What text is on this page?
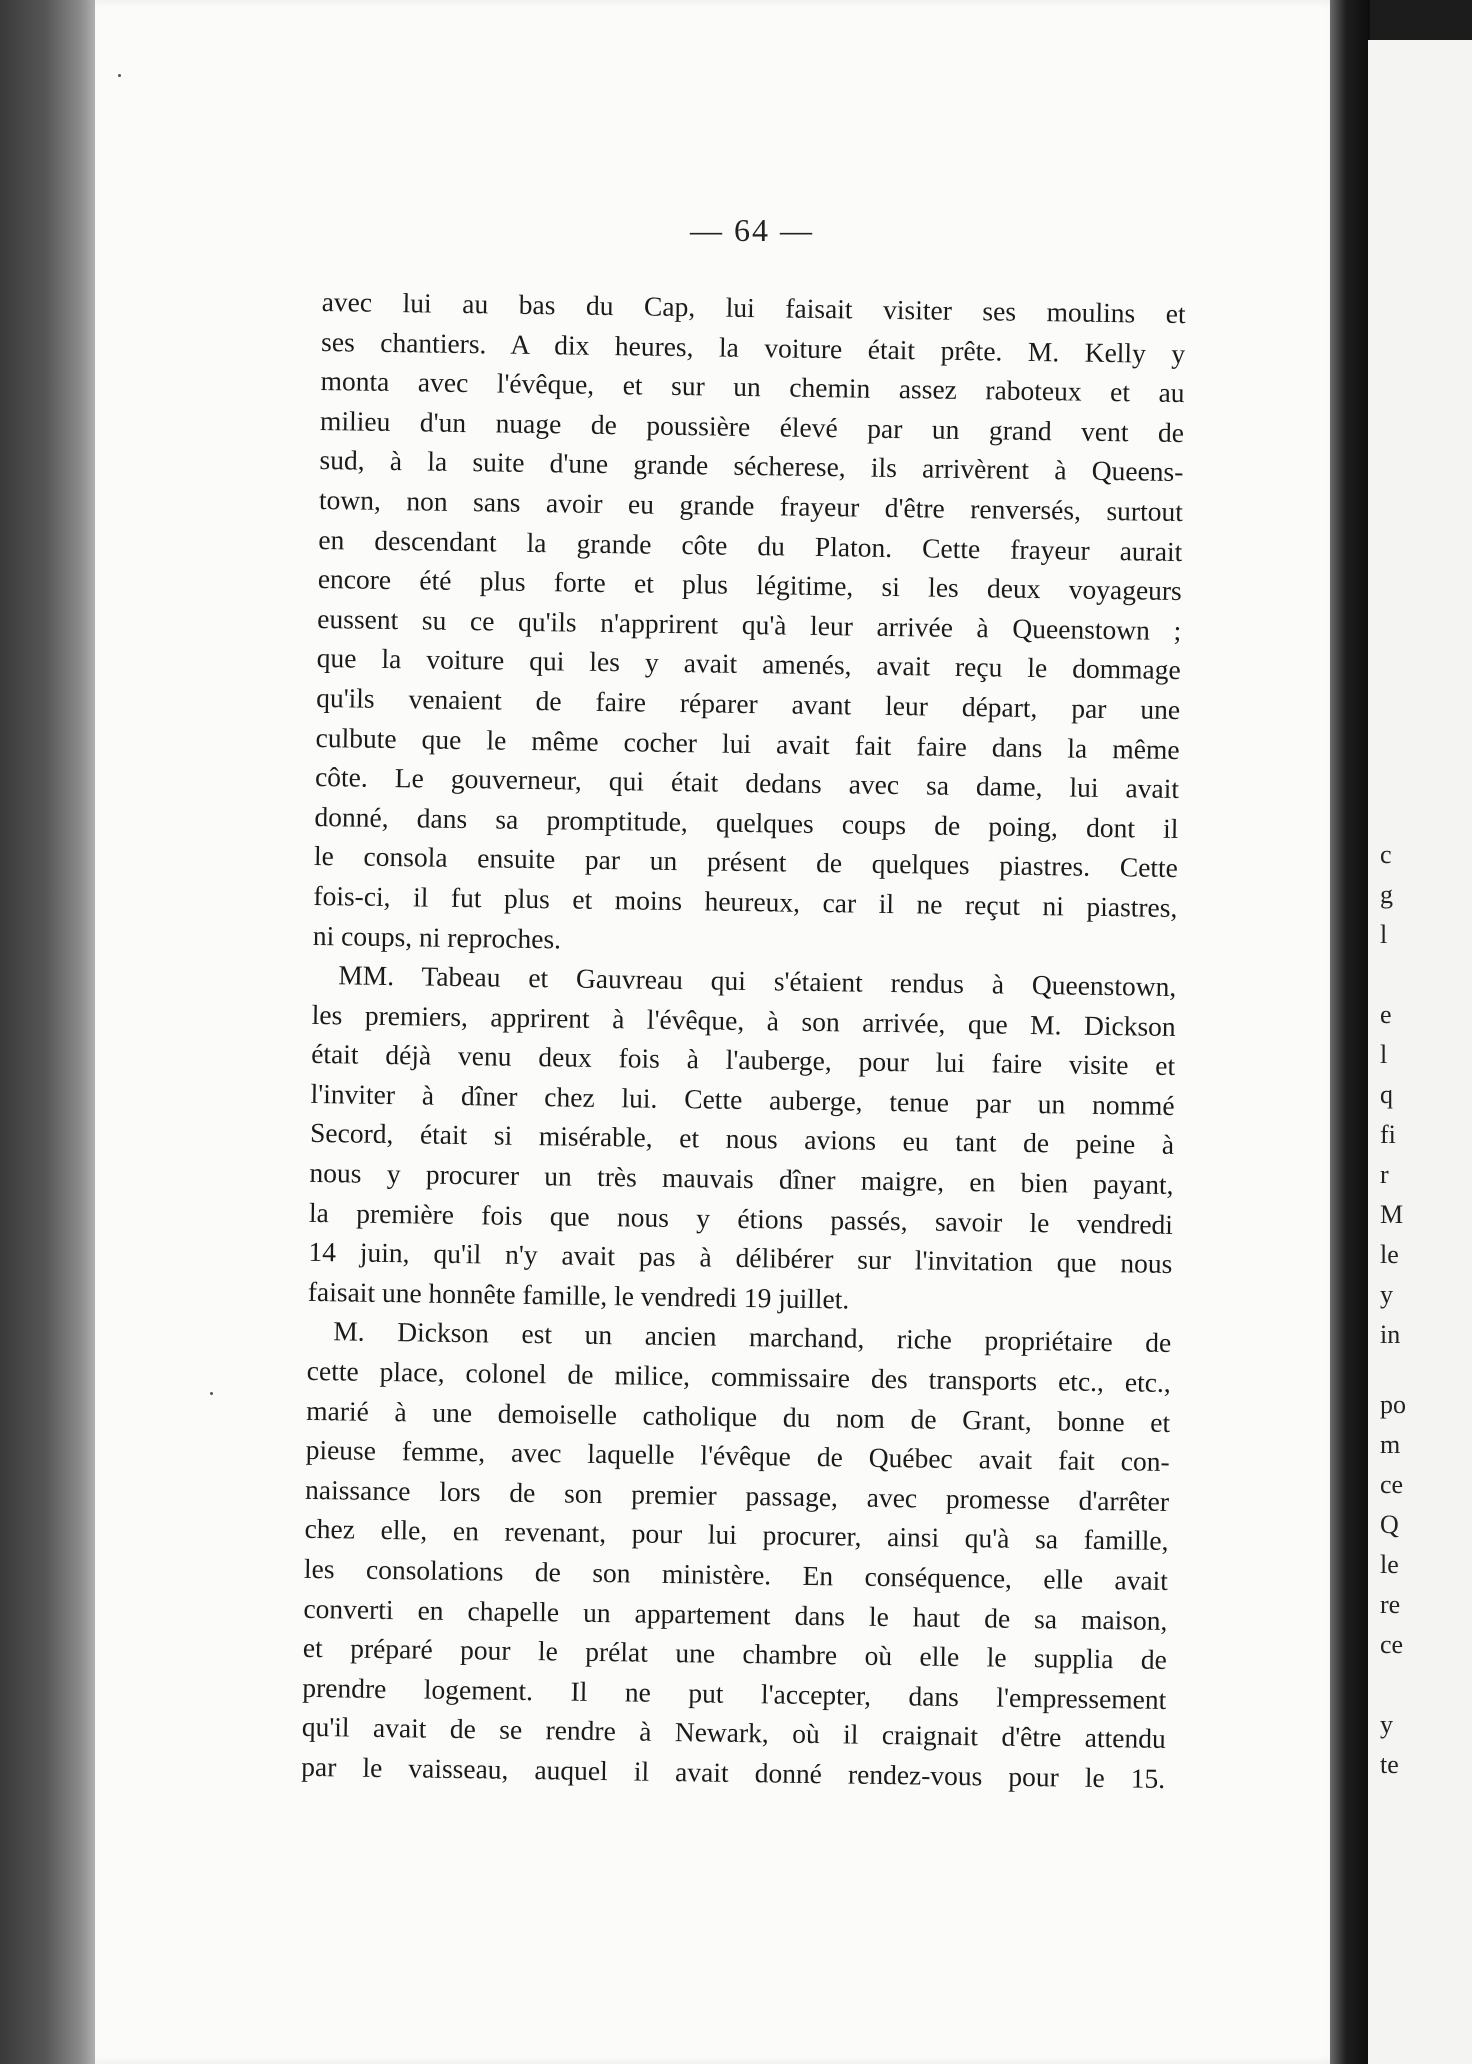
— 64 —
avec lui au bas du Cap, lui faisait visiter ses moulins et
ses chantiers. A dix heures, la voiture était prête. M. Kelly y
monta avec l'évêque, et sur un chemin assez raboteux et au
milieu d'un nuage de poussière élevé par un grand vent de
sud, à la suite d'une grande sécherese, ils arrivèrent à Queens-
town, non sans avoir eu grande frayeur d'être renversés, surtout
en descendant la grande côte du Platon. Cette frayeur aurait
encore été plus forte et plus légitime, si les deux voyageurs
eussent su ce qu'ils n'apprirent qu'à leur arrivée à Queenstown ;
que la voiture qui les y avait amenés, avait reçu le dommage
qu'ils venaient de faire réparer avant leur départ, par une
culbute que le même cocher lui avait fait faire dans la même
côte. Le gouverneur, qui était dedans avec sa dame, lui avait
donné, dans sa promptitude, quelques coups de poing, dont il
le consola ensuite par un présent de quelques piastres. Cette
fois-ci, il fut plus et moins heureux, car il ne reçut ni piastres,
ni coups, ni reproches.
MM. Tabeau et Gauvreau qui s'étaient rendus à Queenstown,
les premiers, apprirent à l'évêque, à son arrivée, que M. Dickson
était déjà venu deux fois à l'auberge, pour lui faire visite et
l'inviter à dîner chez lui. Cette auberge, tenue par un nommé
Secord, était si misérable, et nous avions eu tant de peine à
nous y procurer un très mauvais dîner maigre, en bien payant,
la première fois que nous y étions passés, savoir le vendredi
14 juin, qu'il n'y avait pas à délibérer sur l'invitation que nous
faisait une honnête famille, le vendredi 19 juillet.
M. Dickson est un ancien marchand, riche propriétaire de
cette place, colonel de milice, commissaire des transports etc., etc.,
marié à une demoiselle catholique du nom de Grant, bonne et
pieuse femme, avec laquelle l'évêque de Québec avait fait con-
naissance lors de son premier passage, avec promesse d'arrêter
chez elle, en revenant, pour lui procurer, ainsi qu'à sa famille,
les consolations de son ministère. En conséquence, elle avait
converti en chapelle un appartement dans le haut de sa maison,
et préparé pour le prélat une chambre où elle le supplia de
prendre logement. Il ne put l'accepter, dans l'empressement
qu'il avait de se rendre à Newark, où il craignait d'être attendu
par le vaisseau, auquel il avait donné rendez-vous pour le 15.
c
g
l
e
l
q
fi
r
M
le
y
in
po
m
ce
Q
le
re
ce
y
te
